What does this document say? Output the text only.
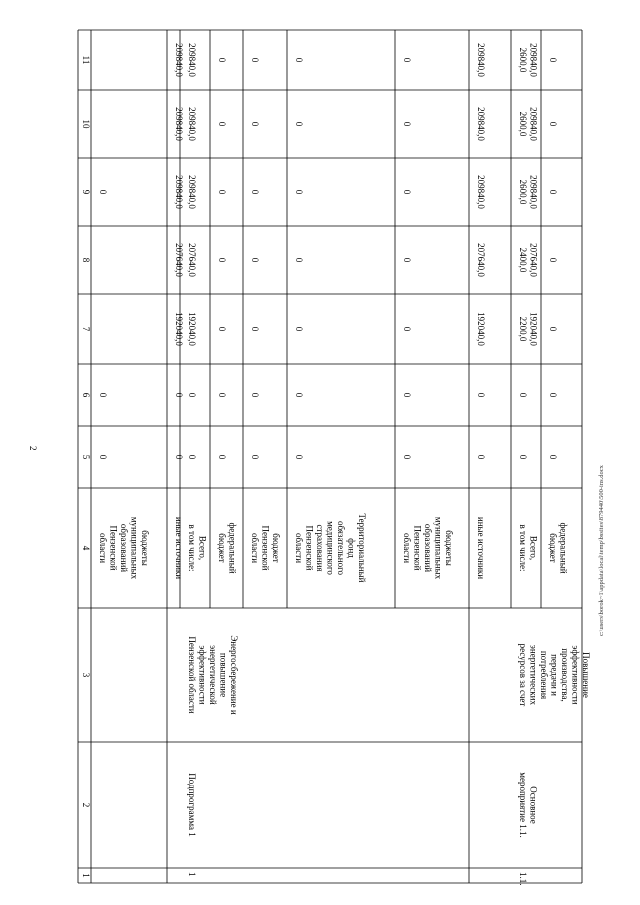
1
2
3
4
5
6
7
8
9
10
11
бюджеты
муниципальных
образований
Пензенской
области
0
0
0
иные источники
0
0
192040,0
207640,0
209840,0
209840,0
209840,0
1
Подпрограмма 1
Энергосбережение и
повышение
энергетической
эффективности
Пензенской области
Всего,
в том числе:
0
0
192040,0
207640,0
209840,0
209840,0
209840,0
федеральный
бюджет
0
0
0
0
0
0
0
бюджет
Пензенской
области
0
0
0
0
0
0
0
Территориальный
фонд
обязательного
медицинского
страхования
Пензенской
области
0
0
0
0
0
0
0
бюджеты
муниципальных
образований
Пензенской
области
0
0
0
0
0
0
0
иные источники
0
0
192040,0
207640,0
209840,0
209840,0
209840,0
1.1.
Основное
мероприятие 1.1.
Повышение
эффективности
производства,
передачи и
потребления
энергетических
ресурсов за счет
Всего,
в том числе:
0
0
192040,0
2200,0
207640,0
2400,0
209840,0
2600,0
209840,0
2600,0
209840,0
2600,0
федеральный
бюджет
0
0
0
0
0
0
0
2
c:\users\borok~1\appdata\local\temp\bssites\879440\500-ins.docx
